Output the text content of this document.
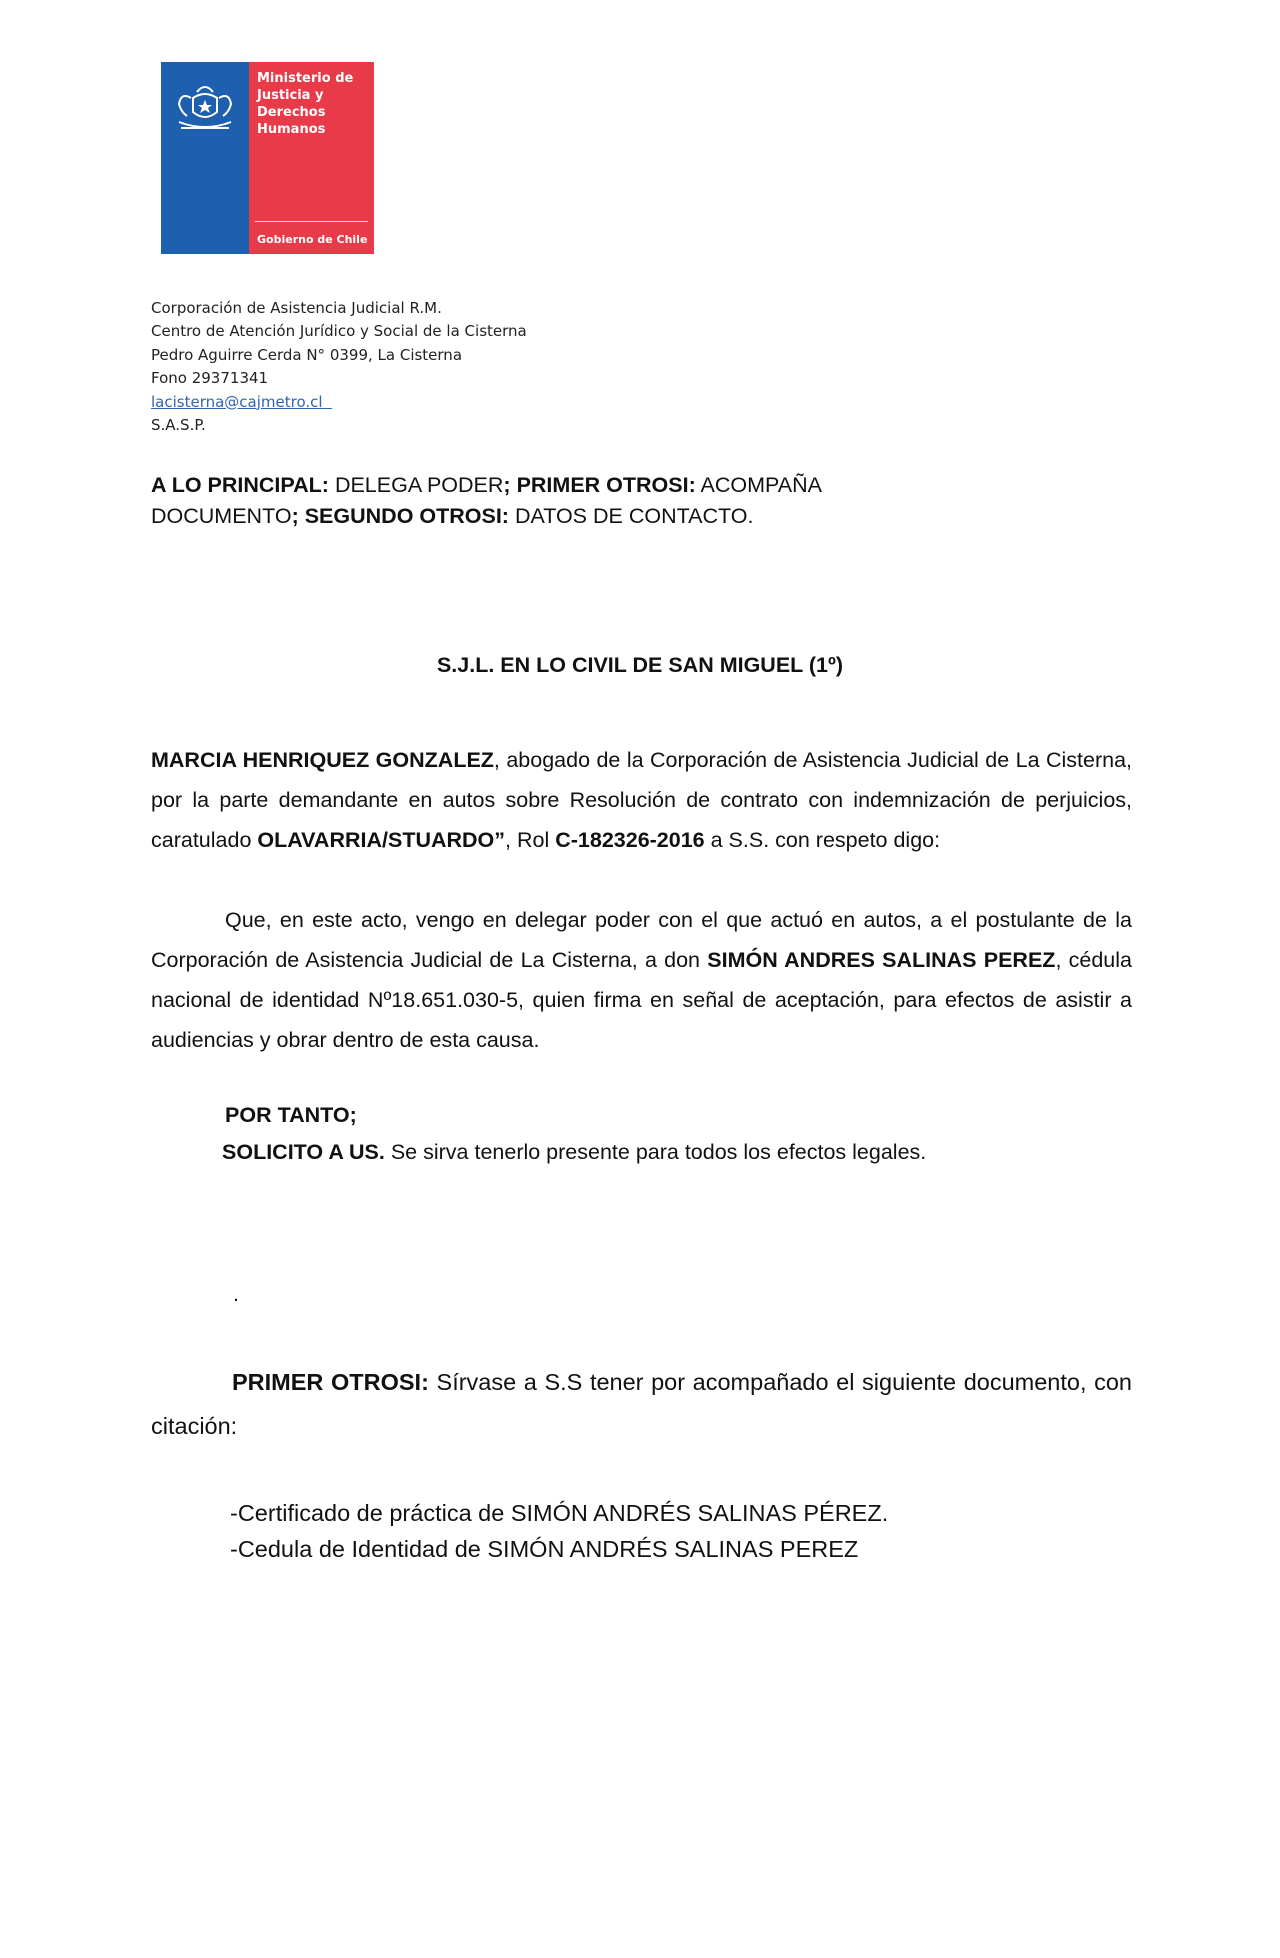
Ministerio de
Justicia y
Derechos
Humanos
Gobierno de Chile
Corporación de Asistencia Judicial R.M.
Centro de Atención Jurídico y Social de la Cisterna
Pedro Aguirre Cerda N° 0399, La Cisterna
Fono 29371341
lacisterna@cajmetro.cl
S.A.S.P.
A LO PRINCIPAL: DELEGA PODER; PRIMER OTROSI: ACOMPAÑA DOCUMENTO; SEGUNDO OTROSI: DATOS DE CONTACTO.
S.J.L. EN LO CIVIL DE SAN MIGUEL (1º)
MARCIA HENRIQUEZ GONZALEZ, abogado de la Corporación de Asistencia Judicial de La Cisterna, por la parte demandante en autos sobre Resolución de contrato con indemnización de perjuicios, caratulado OLAVARRIA/STUARDO”, Rol C-182326-2016 a S.S. con respeto digo:
Que, en este acto, vengo en delegar poder con el que actuó en autos, a el postulante de la Corporación de Asistencia Judicial de La Cisterna, a don SIMÓN ANDRES SALINAS PEREZ, cédula nacional de identidad Nº18.651.030-5, quien firma en señal de aceptación, para efectos de asistir a audiencias y obrar dentro de esta causa.
POR TANTO;
SOLICITO A US. Se sirva tenerlo presente para todos los efectos legales.
.
PRIMER OTROSI: Sírvase a S.S tener por acompañado el siguiente documento, con citación:
-Certificado de práctica de SIMÓN ANDRÉS SALINAS PÉREZ.
-Cedula de Identidad de SIMÓN ANDRÉS SALINAS PEREZ
